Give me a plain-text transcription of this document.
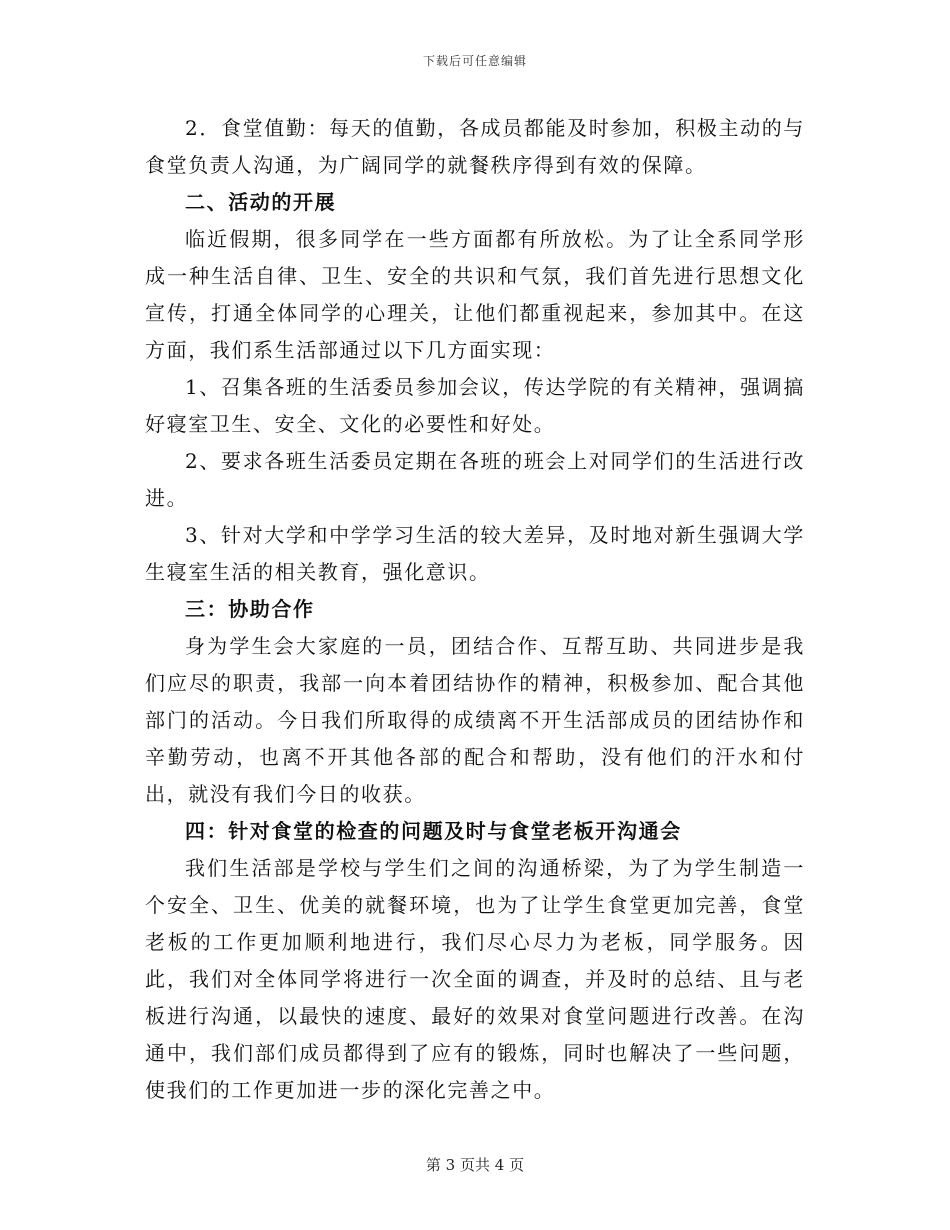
下载后可任意编辑

2．食堂值勤：每天的值勤，各成员都能及时参加，积极主动的与食堂负责人沟通，为广阔同学的就餐秩序得到有效的保障。

二、活动的开展

临近假期，很多同学在一些方面都有所放松。为了让全系同学形成一种生活自律、卫生、安全的共识和气氛，我们首先进行思想文化宣传，打通全体同学的心理关，让他们都重视起来，参加其中。在这方面，我们系生活部通过以下几方面实现：

1、召集各班的生活委员参加会议，传达学院的有关精神，强调搞好寝室卫生、安全、文化的必要性和好处。

2、要求各班生活委员定期在各班的班会上对同学们的生活进行改进。

3、针对大学和中学学习生活的较大差异，及时地对新生强调大学生寝室生活的相关教育，强化意识。

三：协助合作

身为学生会大家庭的一员，团结合作、互帮互助、共同进步是我们应尽的职责，我部一向本着团结协作的精神，积极参加、配合其他部门的活动。今日我们所取得的成绩离不开生活部成员的团结协作和辛勤劳动，也离不开其他各部的配合和帮助，没有他们的汗水和付出，就没有我们今日的收获。

四：针对食堂的检查的问题及时与食堂老板开沟通会

我们生活部是学校与学生们之间的沟通桥梁，为了为学生制造一个安全、卫生、优美的就餐环境，也为了让学生食堂更加完善，食堂老板的工作更加顺利地进行，我们尽心尽力为老板，同学服务。因此，我们对全体同学将进行一次全面的调查，并及时的总结、且与老板进行沟通，以最快的速度、最好的效果对食堂问题进行改善。在沟通中，我们部们成员都得到了应有的锻炼，同时也解决了一些问题，使我们的工作更加进一步的深化完善之中。

第 3 页共 4 页
